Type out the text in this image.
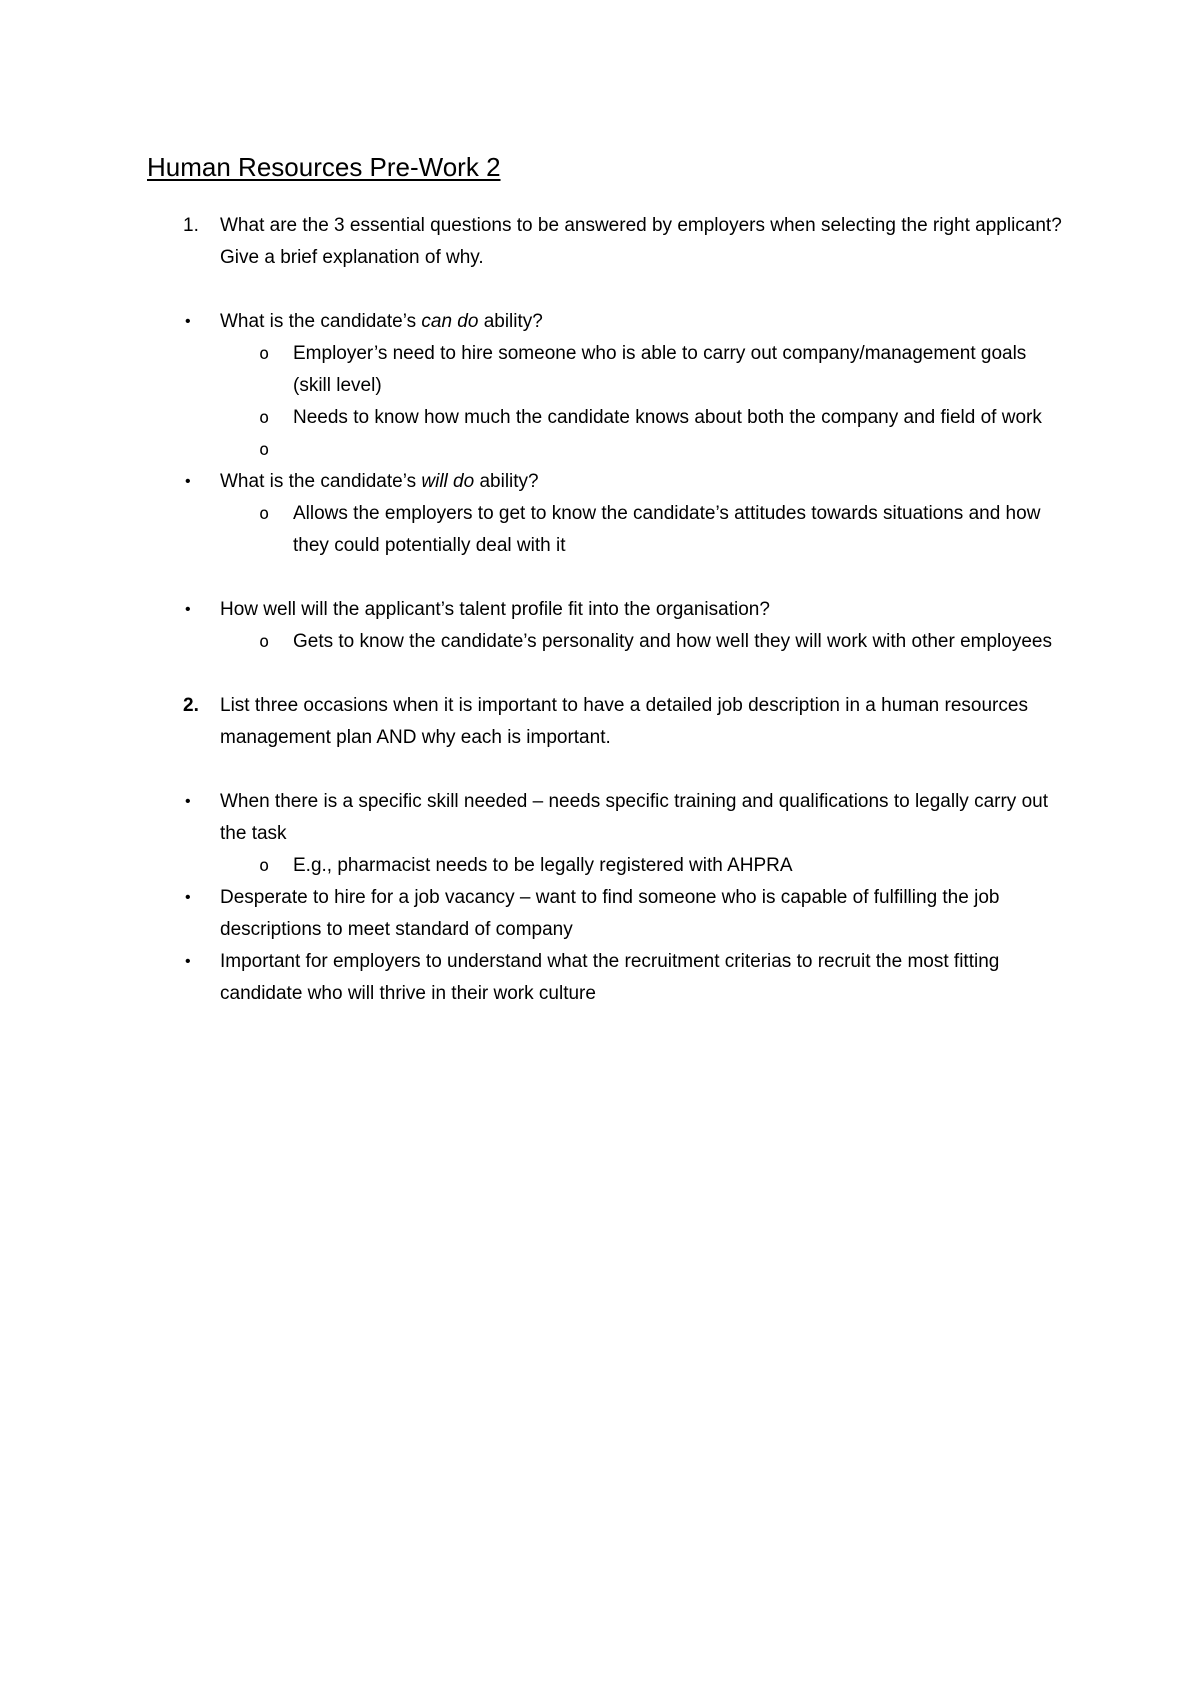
Human Resources Pre-Work 2
1. What are the 3 essential questions to be answered by employers when selecting the right applicant? Give a brief explanation of why.
• What is the candidate’s can do ability?
o Employer’s need to hire someone who is able to carry out company/management goals (skill level)
o Needs to know how much the candidate knows about both the company and field of work
o

• What is the candidate’s will do ability?
o Allows the employers to get to know the candidate’s attitudes towards situations and how they could potentially deal with it
• How well will the applicant’s talent profile fit into the organisation?
o Gets to know the candidate’s personality and how well they will work with other employees
2. List three occasions when it is important to have a detailed job description in a human resources management plan AND why each is important.
• When there is a specific skill needed – needs specific training and qualifications to legally carry out the task
o E.g., pharmacist needs to be legally registered with AHPRA
• Desperate to hire for a job vacancy – want to find someone who is capable of fulfilling the job descriptions to meet standard of company
• Important for employers to understand what the recruitment criterias to recruit the most fitting candidate who will thrive in their work culture
